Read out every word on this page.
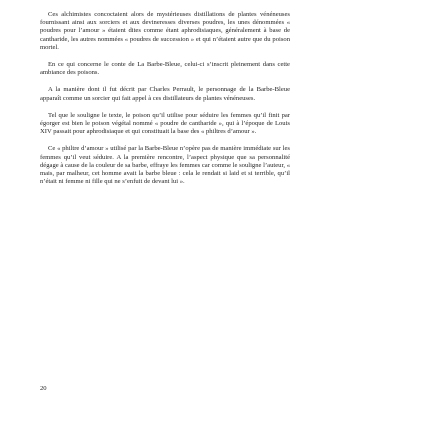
Ces alchimistes concoctaient alors de mystérieuses distillations de plantes vénéneuses fournissant ainsi aux sorciers et aux devineresses diverses poudres, les unes dénommées « poudres pour l’amour » étaient dites comme étant aphrodisiaques, généralement à base de cantharide, les autres nommées « poudres de succession » et qui n’étaient autre que du poison mortel.

En ce qui concerne le conte de La Barbe-Bleue, celui-ci s’inscrit pleinement dans cette ambiance des poisons.

A la manière dont il fut décrit par Charles Perrault, le personnage de la Barbe-Bleue apparaît comme un sorcier qui fait appel à ces distillateurs de plantes vénéneuses.

Tel que le souligne le texte, le poison qu’il utilise pour séduire les femmes qu’il finit par égorger est bien le poison végétal nommé « poudre de cantharide », qui à l’époque de Louis XIV passait pour aphrodisiaque et qui constituait la base des « philtres d’amour ».

Ce « philtre d’amour » utilisé par la Barbe-Bleue n’opère pas de manière immédiate sur les femmes qu’il veut séduire. A la première rencontre, l’aspect physique que sa personnalité dégage à cause de la couleur de sa barbe, effraye les femmes car comme le souligne l’auteur, « mais, par malheur, cet homme avait la barbe bleue : cela le rendait si laid et si terrible, qu’il n’était ni femme ni fille qui ne s’enfuit de devant lui ».

20
